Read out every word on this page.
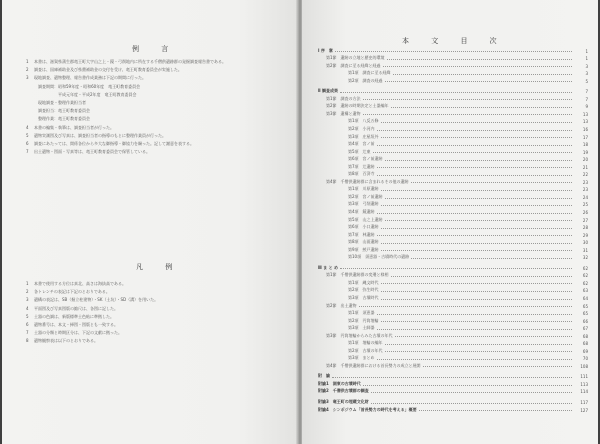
例 言
1	本書は、滋賀県蒲生郡竜王町大字山之上・鏡・弓削地内に所在する千僧供遺跡群の発掘調査報告書である。
2	調査は、国庫補助金及び県費補助金の交付を受け、竜王町教育委員会が実施した。
3	現地調査、遺物整理、報告書作成業務は下記の期間に行った。
　調査期間：昭和59年度・昭和60年度　竜王町教育委員会
　　　　　　平成元年度・平成2年度　竜王町教育委員会
　現地調査・整理作業担当者
　調査担当：竜王町教育委員会
　整理作業：竜王町教育委員会
4	本書の編集・執筆は、調査担当者が行った。
5	遺物実測図及び写真は、調査担当者の指導のもとに整理作業員が行った。
6	調査にあたっては、関係各位から多大な御指導・御協力を賜った。記して謝意を表する。
7	出土遺物・図面・写真等は、竜王町教育委員会で保管している。
凡 例
1	本書で使用する方位は真北、高さは海抜高である。
2	各トレンチの表記は下記のとおりである。
3	遺構の表記は、SB（掘立柱建物）・SK（土坑）・SD（溝）を用いた。
4	平面図及び写真図版の縮尺は、各図に記した。
5	土器の色調は、新版標準土色帖に準拠した。
6	遺物番号は、本文・挿図・図版とも一致する。
7	土器の分類と時期区分は、下記の文献に拠った。
8	遺物観察表は以下のとおりである。
本 文 目 次
Ⅰ 序　章	1
第1節　遺跡の立地と歴史的環境	1
第2節　調査に至る経緯と経過	3
第1項　調査に至る経緯	3
第2項　調査の経過	5
Ⅱ 調査成果	7
第1節　調査の方法	7
第2節　遺跡の時期決定と土器編年	9
第3節　遺構と遺物	13
第1項　八反五條	13
第2項　小河内	16
第3項　庄屋垣外	17
第4項　宮ノ前	18
第5項　辻東	19
第6項　宮ノ前遺跡	20
第7項　辻遺跡	21
第8項　百済寺	22
第4節　千僧供遺跡群に含まれるその他の遺跡	23
第1項　川原遺跡	23
第2項　宮ノ前遺跡	24
第3項　弓削遺跡	25
第4項　鏡遺跡	26
第5項　山之上遺跡	27
第6項　小口遺跡	28
第7項　林遺跡	29
第8項　山面遺跡	30
第9項　綾戸遺跡	31
第10項　須恵器・古墳時代の遺跡	32
Ⅲ ま と め	62
第1節　千僧供遺跡群の変遷と様相	62
第1項　縄文時代	62
第2項　弥生時代	63
第3項　古墳時代	64
第2節　出土遺物	65
第1項　須恵器	65
第2項　円筒埴輪	66
第3項　土師器	67
第3節　円筒埴輪からみた古墳の年代	68
第1項　埴輪の編年	68
第2項　古墳の年代	69
第3項　まとめ	70
第4節　千僧供遺跡群における首長勢力の成立と展開	108
附　論	111
附論1　湖東の古墳時代	113
附論2　千僧供古墳群の調査	114
附論3　竜王町の埋蔵文化財	117
附論4　シンポジウム「首長勢力の時代を考える」概要	127
